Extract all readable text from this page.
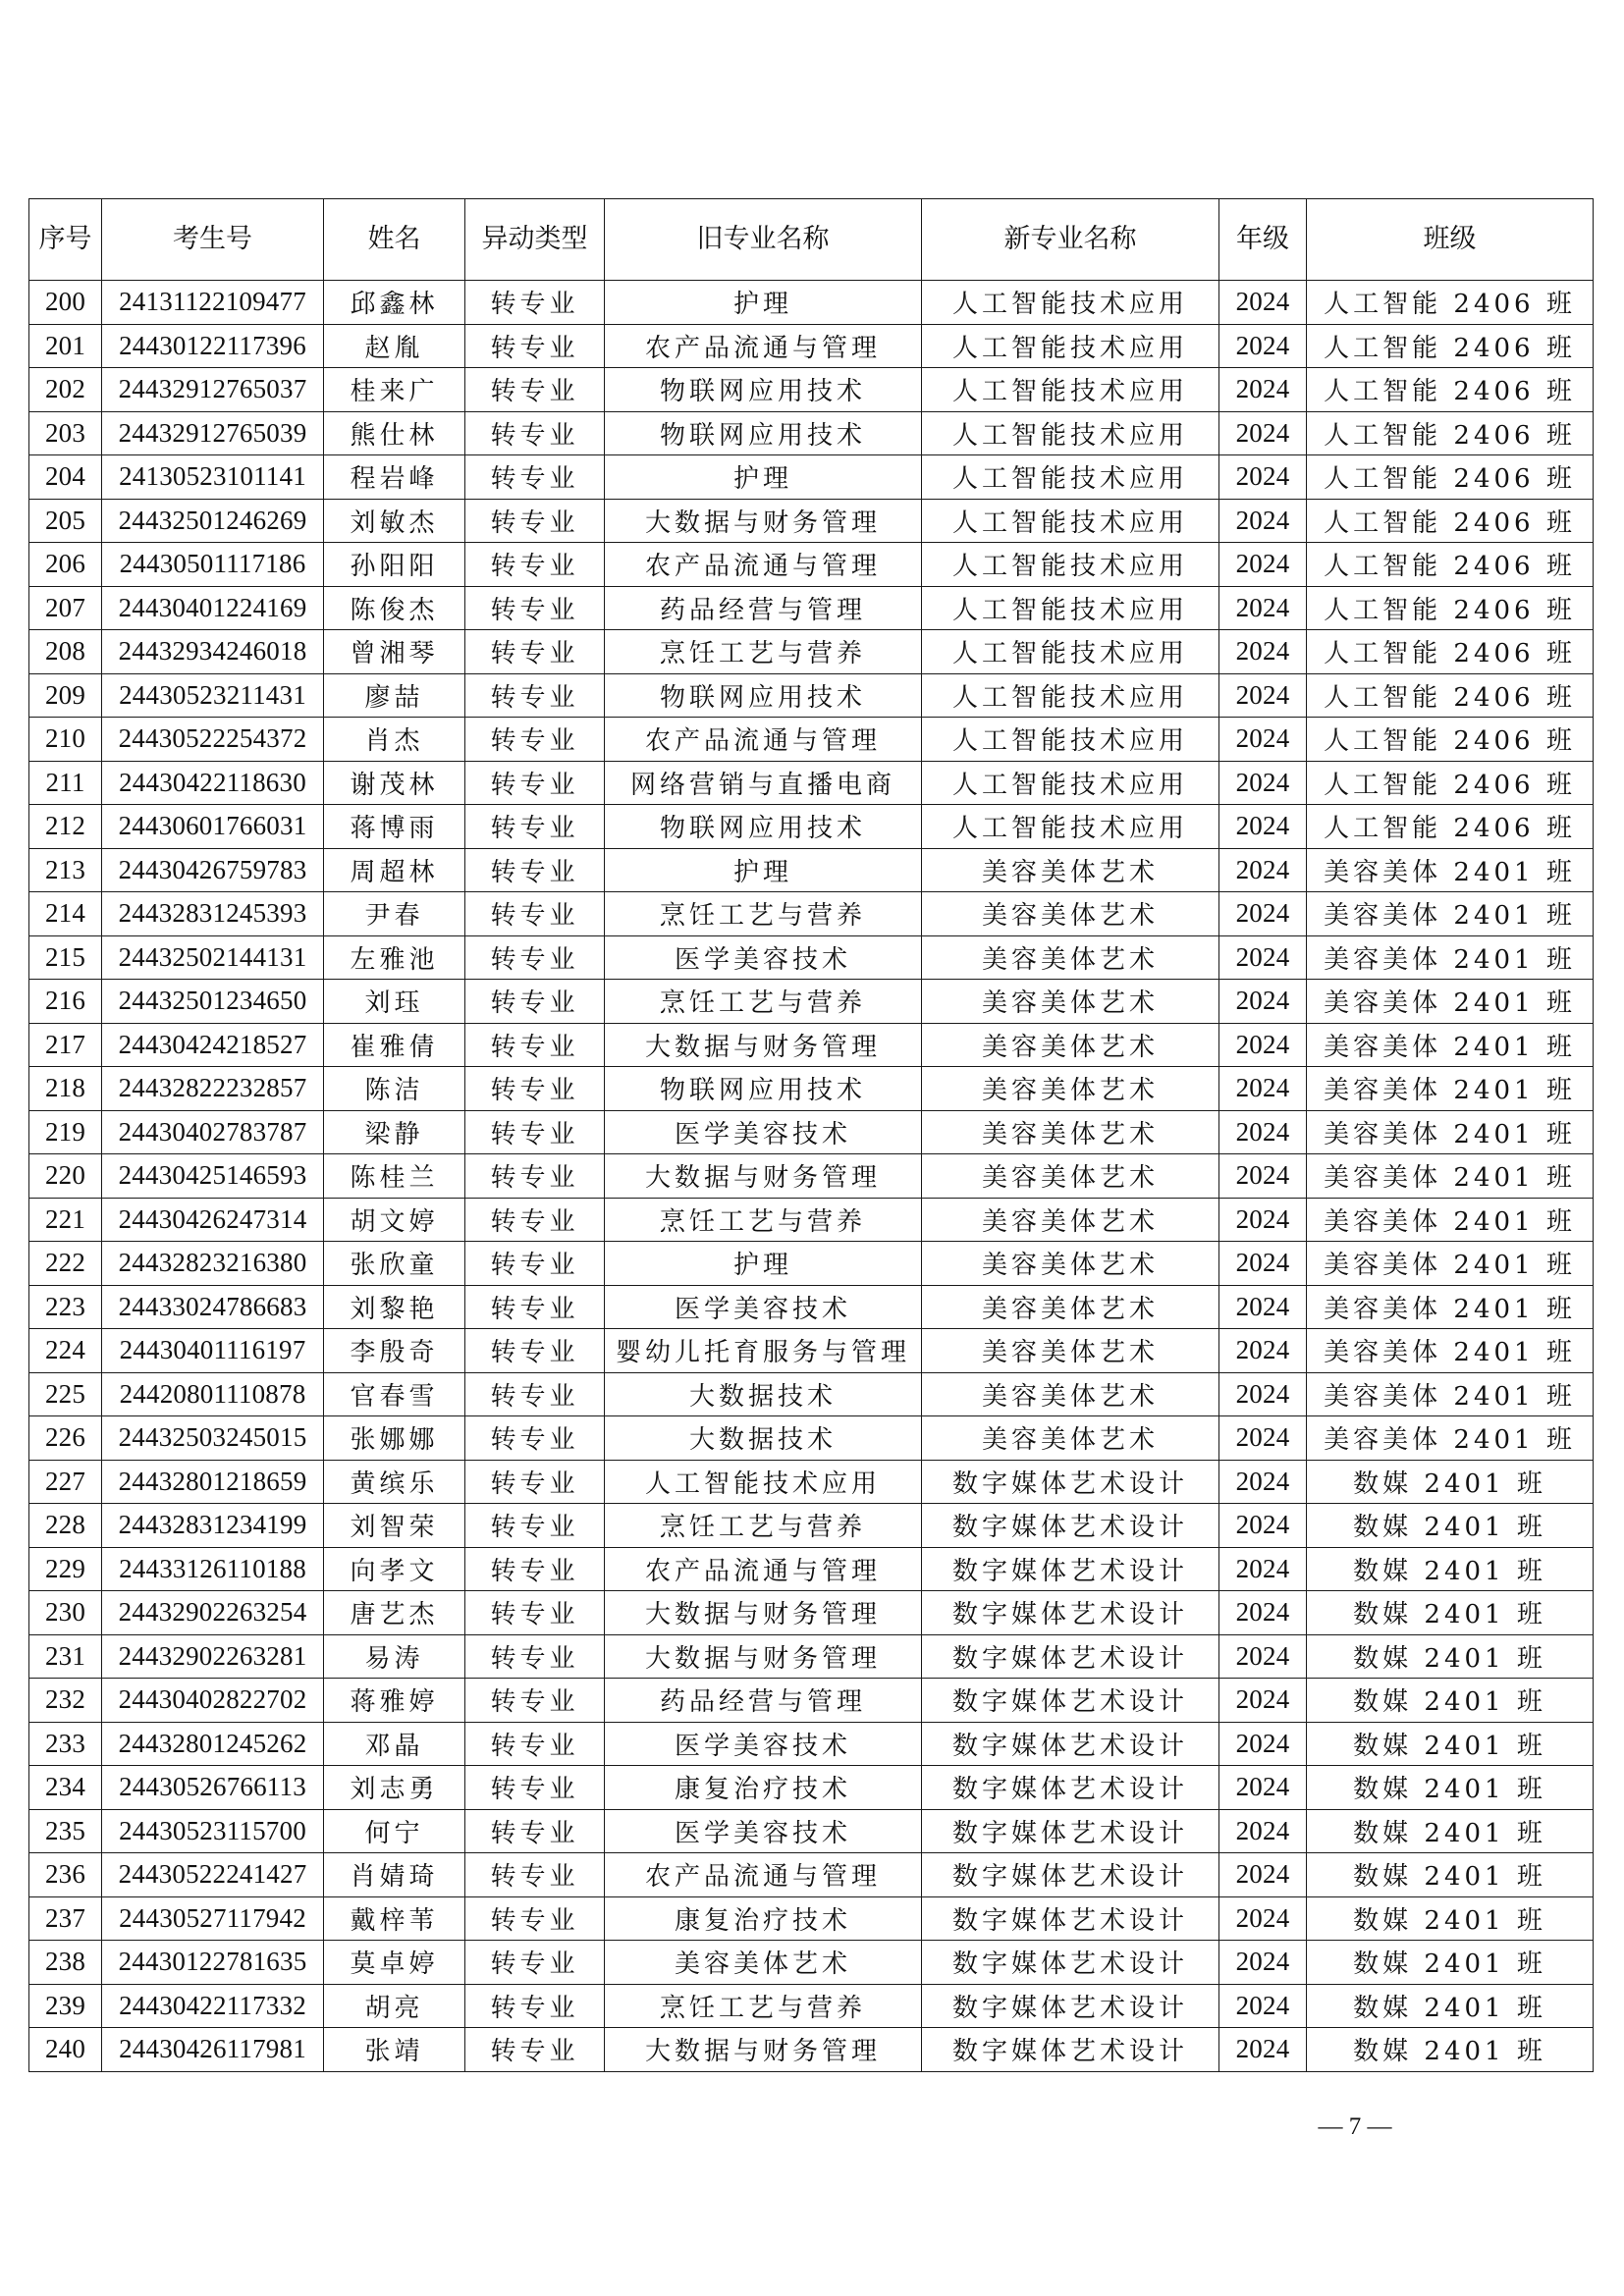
序号	考生号	姓名	异动类型	旧专业名称	新专业名称	年级	班级
200	24131122109477	邱鑫林	转专业	护理	人工智能技术应用	2024	人工智能 2406 班
201	24430122117396	赵胤	转专业	农产品流通与管理	人工智能技术应用	2024	人工智能 2406 班
202	24432912765037	桂来广	转专业	物联网应用技术	人工智能技术应用	2024	人工智能 2406 班
203	24432912765039	熊仕林	转专业	物联网应用技术	人工智能技术应用	2024	人工智能 2406 班
204	24130523101141	程岩峰	转专业	护理	人工智能技术应用	2024	人工智能 2406 班
205	24432501246269	刘敏杰	转专业	大数据与财务管理	人工智能技术应用	2024	人工智能 2406 班
206	24430501117186	孙阳阳	转专业	农产品流通与管理	人工智能技术应用	2024	人工智能 2406 班
207	24430401224169	陈俊杰	转专业	药品经营与管理	人工智能技术应用	2024	人工智能 2406 班
208	24432934246018	曾湘琴	转专业	烹饪工艺与营养	人工智能技术应用	2024	人工智能 2406 班
209	24430523211431	廖喆	转专业	物联网应用技术	人工智能技术应用	2024	人工智能 2406 班
210	24430522254372	肖杰	转专业	农产品流通与管理	人工智能技术应用	2024	人工智能 2406 班
211	24430422118630	谢茂林	转专业	网络营销与直播电商	人工智能技术应用	2024	人工智能 2406 班
212	24430601766031	蒋博雨	转专业	物联网应用技术	人工智能技术应用	2024	人工智能 2406 班
213	24430426759783	周超林	转专业	护理	美容美体艺术	2024	美容美体 2401 班
214	24432831245393	尹春	转专业	烹饪工艺与营养	美容美体艺术	2024	美容美体 2401 班
215	24432502144131	左雅池	转专业	医学美容技术	美容美体艺术	2024	美容美体 2401 班
216	24432501234650	刘珏	转专业	烹饪工艺与营养	美容美体艺术	2024	美容美体 2401 班
217	24430424218527	崔雅倩	转专业	大数据与财务管理	美容美体艺术	2024	美容美体 2401 班
218	24432822232857	陈洁	转专业	物联网应用技术	美容美体艺术	2024	美容美体 2401 班
219	24430402783787	梁静	转专业	医学美容技术	美容美体艺术	2024	美容美体 2401 班
220	24430425146593	陈桂兰	转专业	大数据与财务管理	美容美体艺术	2024	美容美体 2401 班
221	24430426247314	胡文婷	转专业	烹饪工艺与营养	美容美体艺术	2024	美容美体 2401 班
222	24432823216380	张欣童	转专业	护理	美容美体艺术	2024	美容美体 2401 班
223	24433024786683	刘黎艳	转专业	医学美容技术	美容美体艺术	2024	美容美体 2401 班
224	24430401116197	李殷奇	转专业	婴幼儿托育服务与管理	美容美体艺术	2024	美容美体 2401 班
225	24420801110878	官春雪	转专业	大数据技术	美容美体艺术	2024	美容美体 2401 班
226	24432503245015	张娜娜	转专业	大数据技术	美容美体艺术	2024	美容美体 2401 班
227	24432801218659	黄缤乐	转专业	人工智能技术应用	数字媒体艺术设计	2024	数媒 2401 班
228	24432831234199	刘智荣	转专业	烹饪工艺与营养	数字媒体艺术设计	2024	数媒 2401 班
229	24433126110188	向孝文	转专业	农产品流通与管理	数字媒体艺术设计	2024	数媒 2401 班
230	24432902263254	唐艺杰	转专业	大数据与财务管理	数字媒体艺术设计	2024	数媒 2401 班
231	24432902263281	易涛	转专业	大数据与财务管理	数字媒体艺术设计	2024	数媒 2401 班
232	24430402822702	蒋雅婷	转专业	药品经营与管理	数字媒体艺术设计	2024	数媒 2401 班
233	24432801245262	邓晶	转专业	医学美容技术	数字媒体艺术设计	2024	数媒 2401 班
234	24430526766113	刘志勇	转专业	康复治疗技术	数字媒体艺术设计	2024	数媒 2401 班
235	24430523115700	何宁	转专业	医学美容技术	数字媒体艺术设计	2024	数媒 2401 班
236	24430522241427	肖婧琦	转专业	农产品流通与管理	数字媒体艺术设计	2024	数媒 2401 班
237	24430527117942	戴梓苇	转专业	康复治疗技术	数字媒体艺术设计	2024	数媒 2401 班
238	24430122781635	莫卓婷	转专业	美容美体艺术	数字媒体艺术设计	2024	数媒 2401 班
239	24430422117332	胡亮	转专业	烹饪工艺与营养	数字媒体艺术设计	2024	数媒 2401 班
240	24430426117981	张靖	转专业	大数据与财务管理	数字媒体艺术设计	2024	数媒 2401 班
— 7 —
